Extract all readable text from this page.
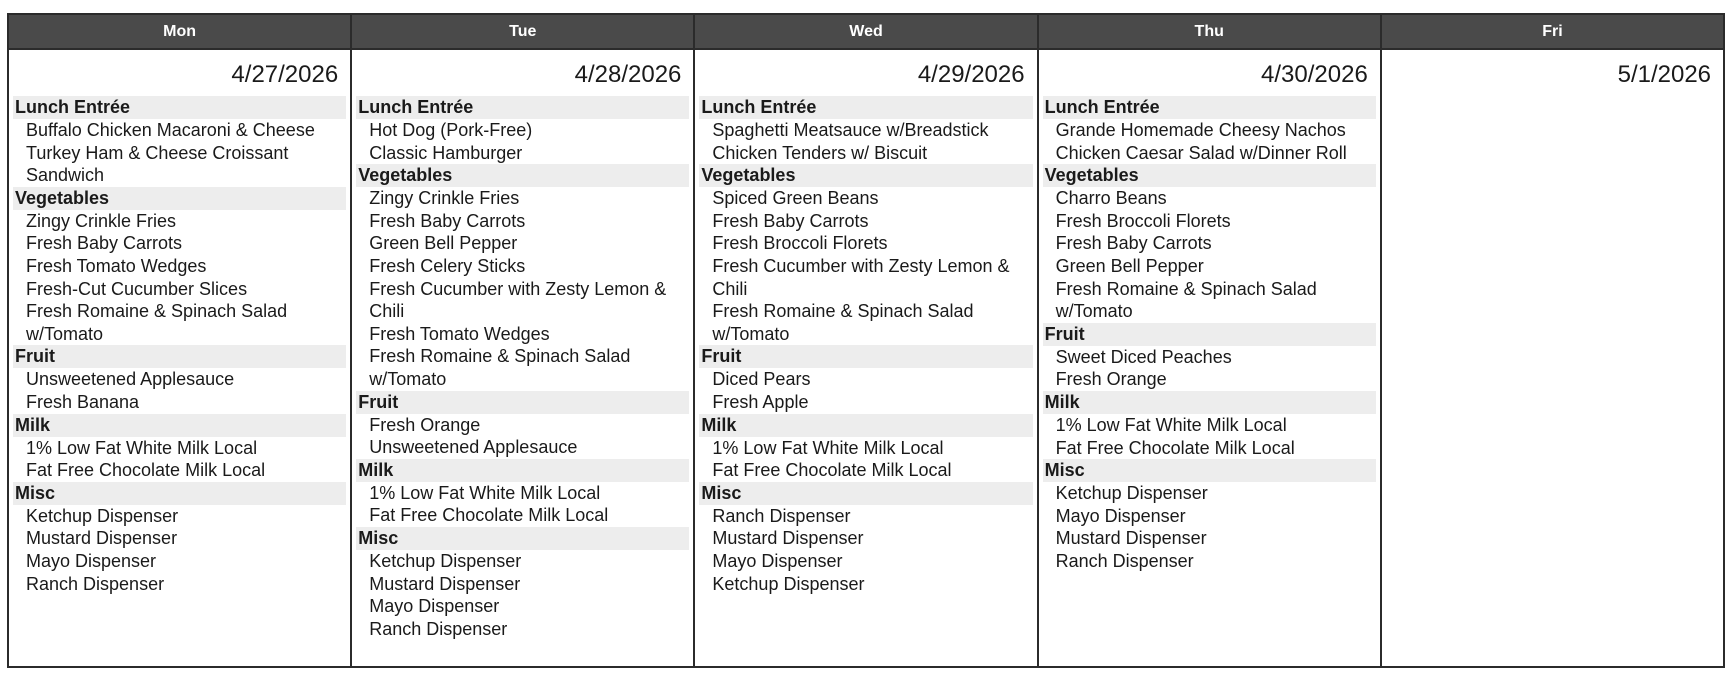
Mon
4/27/2026
Lunch Entrée
Buffalo Chicken Macaroni & Cheese
Turkey Ham & Cheese Croissant Sandwich
Vegetables
Zingy Crinkle Fries
Fresh Baby Carrots
Fresh Tomato Wedges
Fresh-Cut Cucumber Slices
Fresh Romaine & Spinach Salad w/Tomato
Fruit
Unsweetened Applesauce
Fresh Banana
Milk
1% Low Fat White Milk Local
Fat Free Chocolate Milk Local
Misc
Ketchup Dispenser
Mustard Dispenser
Mayo Dispenser
Ranch Dispenser
Tue
4/28/2026
Lunch Entrée
Hot Dog (Pork-Free)
Classic Hamburger
Vegetables
Zingy Crinkle Fries
Fresh Baby Carrots
Green Bell Pepper
Fresh Celery Sticks
Fresh Cucumber with Zesty Lemon & Chili
Fresh Tomato Wedges
Fresh Romaine & Spinach Salad w/Tomato
Fruit
Fresh Orange
Unsweetened Applesauce
Milk
1% Low Fat White Milk Local
Fat Free Chocolate Milk Local
Misc
Ketchup Dispenser
Mustard Dispenser
Mayo Dispenser
Ranch Dispenser
Wed
4/29/2026
Lunch Entrée
Spaghetti Meatsauce w/Breadstick
Chicken Tenders w/ Biscuit
Vegetables
Spiced Green Beans
Fresh Baby Carrots
Fresh Broccoli Florets
Fresh Cucumber with Zesty Lemon & Chili
Fresh Romaine & Spinach Salad w/Tomato
Fruit
Diced Pears
Fresh Apple
Milk
1% Low Fat White Milk Local
Fat Free Chocolate Milk Local
Misc
Ranch Dispenser
Mustard Dispenser
Mayo Dispenser
Ketchup Dispenser
Thu
4/30/2026
Lunch Entrée
Grande Homemade Cheesy Nachos
Chicken Caesar Salad w/Dinner Roll
Vegetables
Charro Beans
Fresh Broccoli Florets
Fresh Baby Carrots
Green Bell Pepper
Fresh Romaine & Spinach Salad w/Tomato
Fruit
Sweet Diced Peaches
Fresh Orange
Milk
1% Low Fat White Milk Local
Fat Free Chocolate Milk Local
Misc
Ketchup Dispenser
Mayo Dispenser
Mustard Dispenser
Ranch Dispenser
Fri
5/1/2026
